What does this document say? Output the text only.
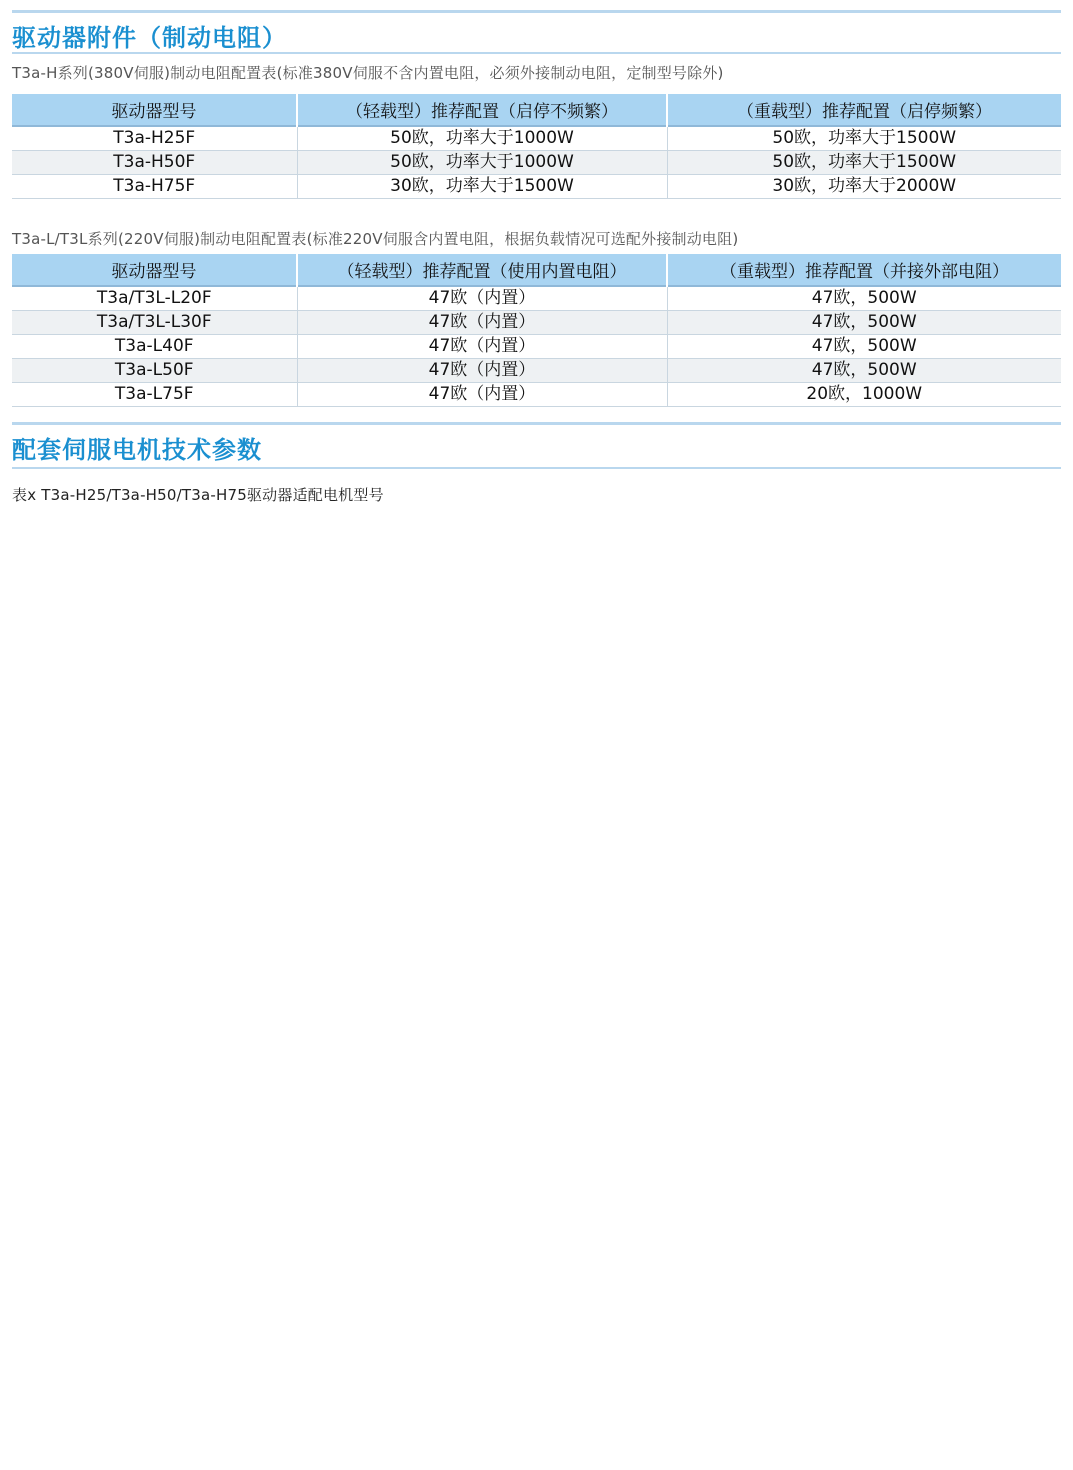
驱动器附件（制动电阻）
T3a-H系列(380V伺服)制动电阻配置表(标准380V伺服不含内置电阻，必须外接制动电阻，定制型号除外)
驱动器型号	（轻载型）推荐配置（启停不频繁）	（重载型）推荐配置（启停频繁）
T3a-H25F	50欧，功率大于1000W	50欧，功率大于1500W
T3a-H50F	50欧，功率大于1000W	50欧，功率大于1500W
T3a-H75F	30欧，功率大于1500W	30欧，功率大于2000W
T3a-L/T3L系列(220V伺服)制动电阻配置表(标准220V伺服含内置电阻，根据负载情况可选配外接制动电阻)
驱动器型号	（轻载型）推荐配置（使用内置电阻）	（重载型）推荐配置（并接外部电阻）
T3a/T3L-L20F	47欧（内置）	47欧，500W
T3a/T3L-L30F	47欧（内置）	47欧，500W
T3a-L40F	47欧（内置）	47欧，500W
T3a-L50F	47欧（内置）	47欧，500W
T3a-L75F	47欧（内置）	20欧，1000W
配套伺服电机技术参数
表x T3a-H25/T3a-H50/T3a-H75驱动器适配电机型号
